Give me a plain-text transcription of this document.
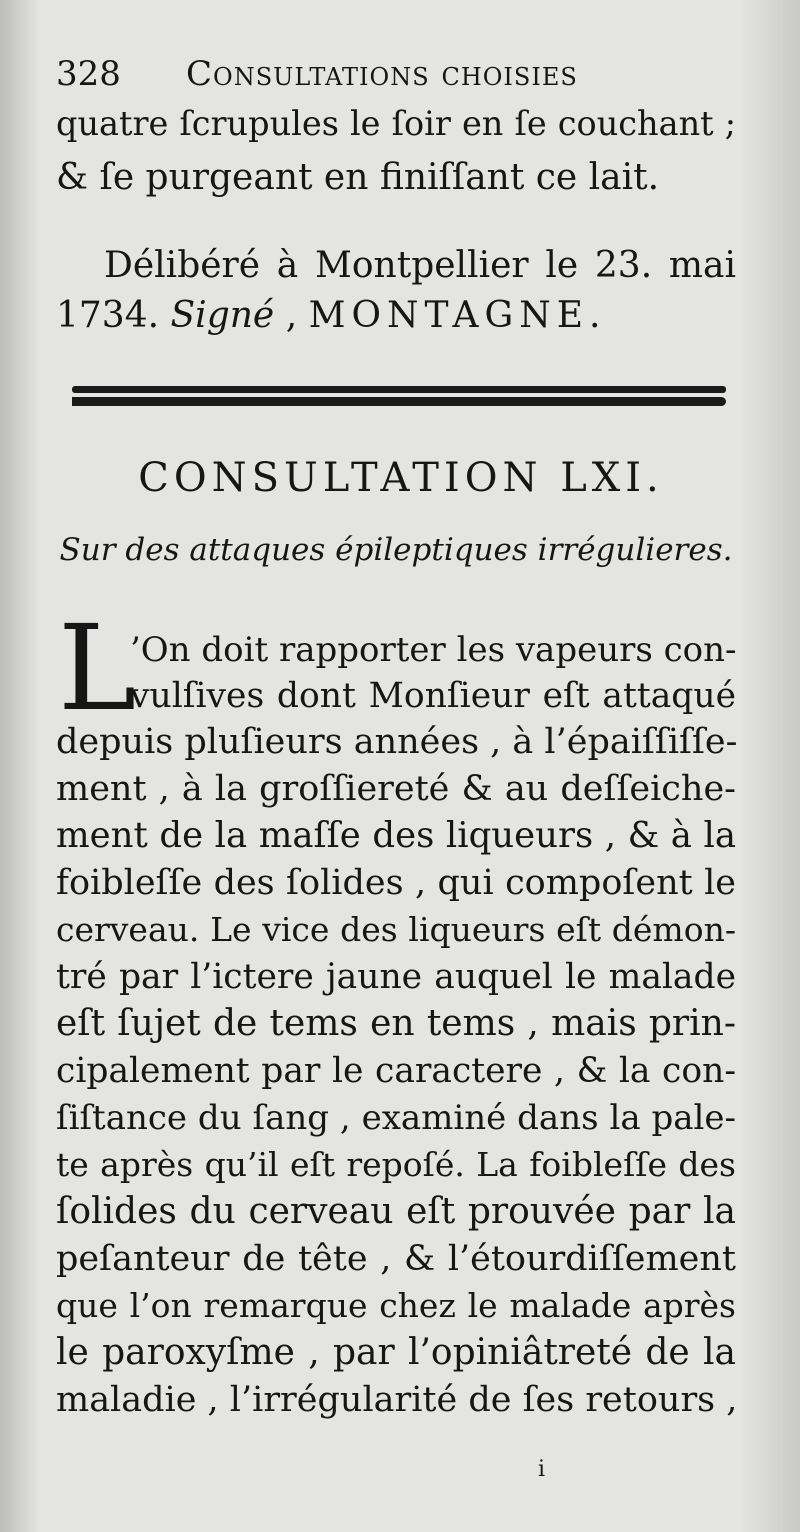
328 Consultations choisies
quatre ſcrupules le ſoir en ſe couchant ;
& ſe purgeant en finiſſant ce lait.
Délibéré à Montpellier le 23. mai
1734. Signé , MONTAGNE.
CONSULTATION LXI.
Sur des attaques épileptiques irrégulieres.
L
’On doit rapporter les vapeurs con-
vulſives dont Monſieur eſt attaqué
depuis pluſieurs années , à l’épaiſſiſſe-
ment , à la groſſiereté & au deſſeiche-
ment de la maſſe des liqueurs , & à la
foibleſſe des ſolides , qui compoſent le
cerveau. Le vice des liqueurs eſt démon-
tré par l’ictere jaune auquel le malade
eſt ſujet de tems en tems , mais prin-
cipalement par le caractere , & la con-
ſiſtance du ſang , examiné dans la pale-
te après qu’il eſt repoſé. La foibleſſe des
ſolides du cerveau eſt prouvée par la
peſanteur de tête , & l’étourdiſſement
que l’on remarque chez le malade après
le paroxyſme , par l’opiniâtreté de la
maladie , l’irrégularité de ſes retours ,
i
